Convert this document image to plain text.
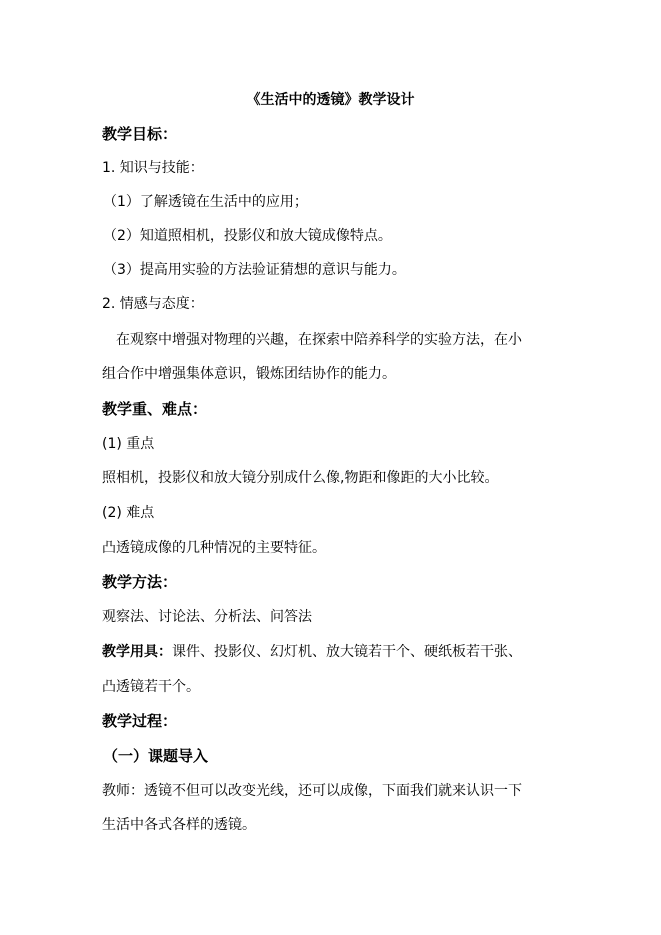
《生活中的透镜》教学设计
教学目标：
1. 知识与技能：
（1）了解透镜在生活中的应用；
（2）知道照相机，投影仪和放大镜成像特点。
（3）提高用实验的方法验证猜想的意识与能力。
2. 情感与态度：
在观察中增强对物理的兴趣，在探索中陪养科学的实验方法，在小
组合作中增强集体意识，锻炼团结协作的能力。
教学重、难点：
(1) 重点
照相机，投影仪和放大镜分别成什么像,物距和像距的大小比较。
(2) 难点
凸透镜成像的几种情况的主要特征。
教学方法：
观察法、讨论法、分析法、问答法
教学用具：课件、投影仪、幻灯机、放大镜若干个、硬纸板若干张、
凸透镜若干个。
教学过程：
（一）课题导入
教师：透镜不但可以改变光线，还可以成像，下面我们就来认识一下
生活中各式各样的透镜。
